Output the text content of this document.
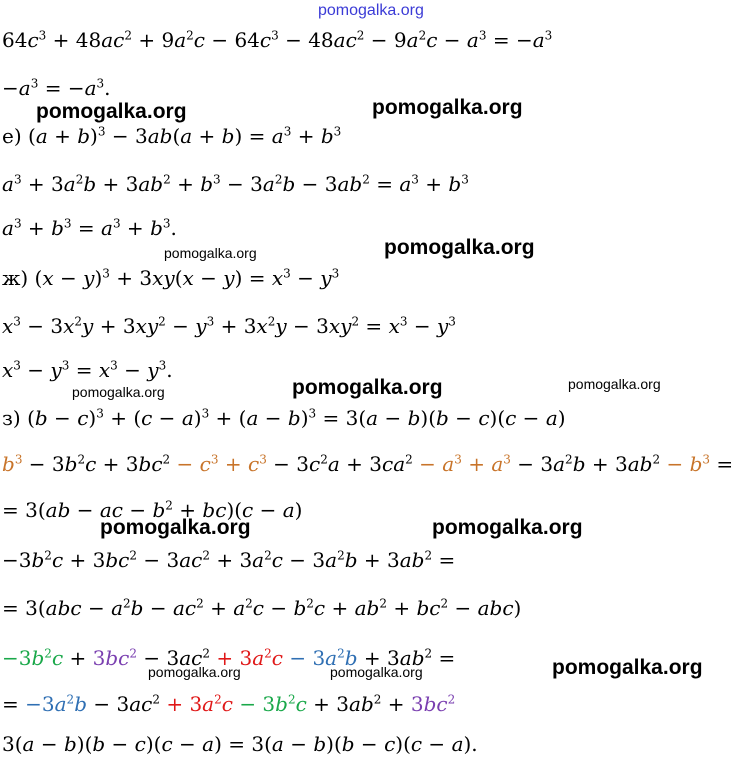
pomogalka.org
$64c^3 + 48ac^2 + 9a^2c - 64c^3 - 48ac^2 - 9a^2c - a^3 = -a^3$
$-a^3 = -a^3$.
pomogalka.org	pomogalka.org
е) $(a + b)^3 - 3ab(a + b) = a^3 + b^3$
$a^3 + 3a^2b + 3ab^2 + b^3 - 3a^2b - 3ab^2 = a^3 + b^3$
$a^3 + b^3 = a^3 + b^3$.
pomogalka.org	pomogalka.org
ж) $(x - y)^3 + 3xy(x - y) = x^3 - y^3$
$x^3 - 3x^2y + 3xy^2 - y^3 + 3x^2y - 3xy^2 = x^3 - y^3$
$x^3 - y^3 = x^3 - y^3$.
pomogalka.org	pomogalka.org	pomogalka.org
з) $(b - c)^3 + (c - a)^3 + (a - b)^3 = 3(a - b)(b - c)(c - a)$
$b^3 - 3b^2c + 3bc^2 - c^3 + c^3 - 3c^2a + 3ca^2 - a^3 + a^3 - 3a^2b + 3ab^2 - b^3$ =
= 3(ab − ac − $b^2 + bc)(c - a)$
pomogalka.org	pomogalka.org
$-3b^2c + 3bc^2 - 3ac^2 + 3a^2c - 3a^2b + 3ab^2$ =
= $3(abc - a^2b - ac^2 + a^2c - b^2c + ab^2 + bc^2 - abc)$
$-3b^2c + 3bc^2 - 3ac^2 + 3a^2c - 3a^2b + 3ab^2$ =
pomogalka.org	pomogalka.org	pomogalka.org
= $-3a^2b - 3ac^2 + 3a^2c - 3b^2c + 3ab^2 + 3bc^2$
3(a − b)(b − c)(c − a) = 3(a − b)(b − c)(c − a).
